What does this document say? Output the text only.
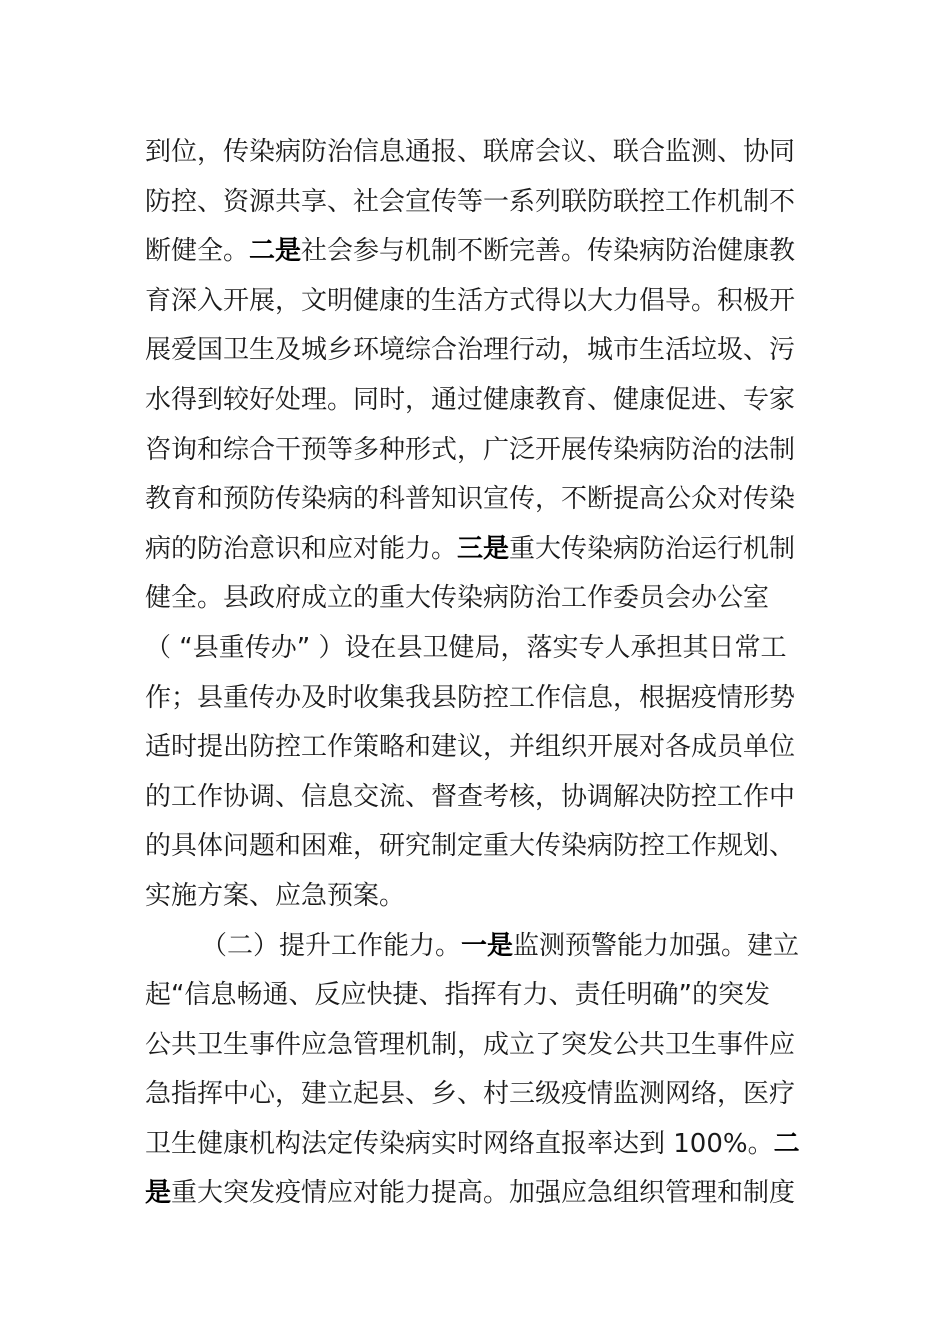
到位，传染病防治信息通报、联席会议、联合监测、协同
防控、资源共享、社会宣传等一系列联防联控工作机制不
断健全。二是社会参与机制不断完善。传染病防治健康教
育深入开展，文明健康的生活方式得以大力倡导。积极开
展爱国卫生及城乡环境综合治理行动，城市生活垃圾、污
水得到较好处理。同时，通过健康教育、健康促进、专家
咨询和综合干预等多种形式，广泛开展传染病防治的法制
教育和预防传染病的科普知识宣传，不断提高公众对传染
病的防治意识和应对能力。三是重大传染病防治运行机制
健全。县政府成立的重大传染病防治工作委员会办公室
（ “县重传办” ）设在县卫健局，落实专人承担其日常工
作；县重传办及时收集我县防控工作信息，根据疫情形势
适时提出防控工作策略和建议，并组织开展对各成员单位
的工作协调、信息交流、督查考核，协调解决防控工作中
的具体问题和困难，研究制定重大传染病防控工作规划、
实施方案、应急预案。
（二）提升工作能力。一是监测预警能力加强。建立
起“信息畅通、反应快捷、指挥有力、责任明确”的突发
公共卫生事件应急管理机制，成立了突发公共卫生事件应
急指挥中心，建立起县、乡、村三级疫情监测网络，医疗
卫生健康机构法定传染病实时网络直报率达到 100%。二
是重大突发疫情应对能力提高。加强应急组织管理和制度
